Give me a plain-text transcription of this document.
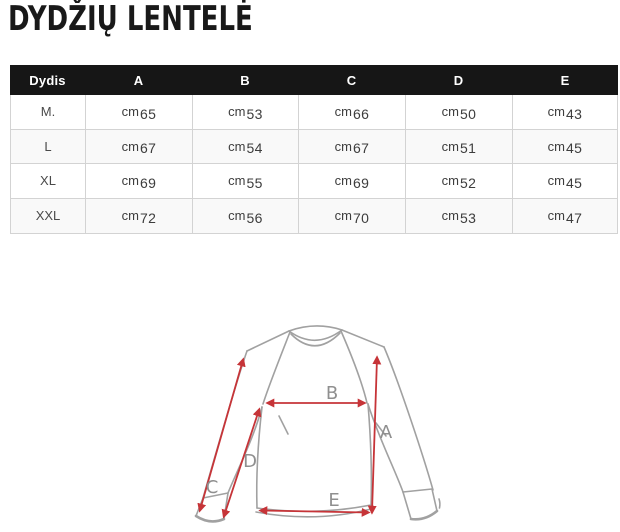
DYDŽIŲ LENTELĖ
Dydis	A	B	C	D	E
M.	cm 65	cm 53	cm 66	cm 50	cm 43
L	cm 67	cm 54	cm 67	cm 51	cm 45
XL	cm 69	cm 55	cm 69	cm 52	cm 45
XXL	cm 72	cm 56	cm 70	cm 53	cm 47
B
A
D
C
E
